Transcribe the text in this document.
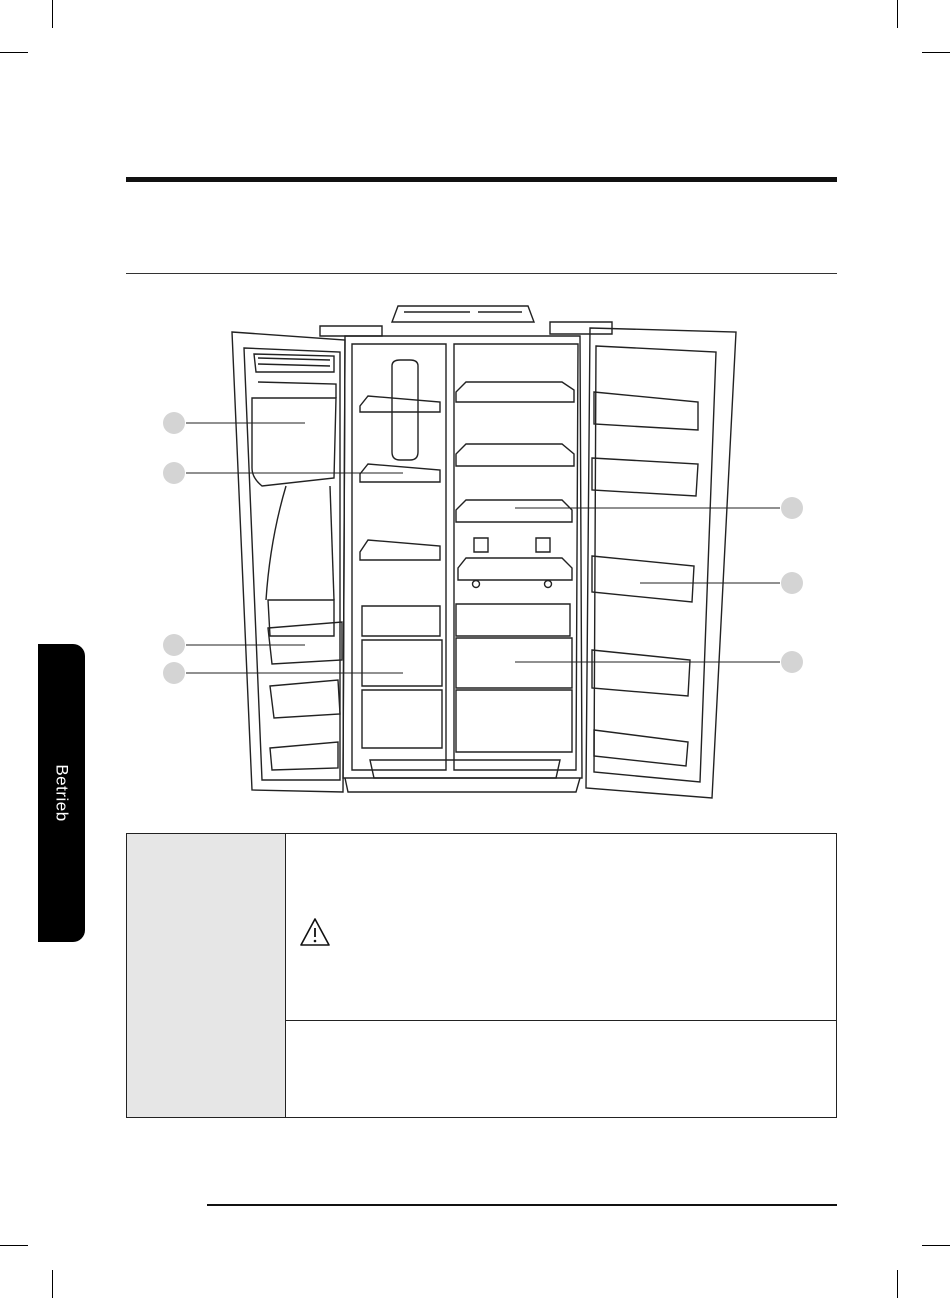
Betrieb
